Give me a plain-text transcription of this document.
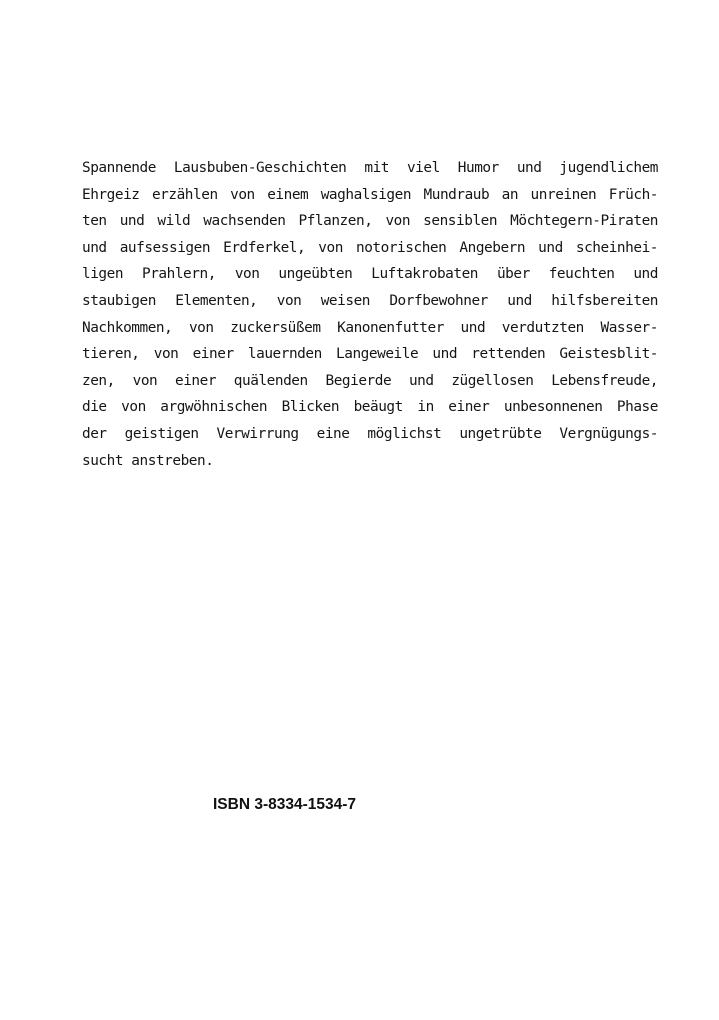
Spannende Lausbuben-Geschichten mit viel Humor und jugendlichem
Ehrgeiz erzählen von einem waghalsigen Mundraub an unreinen Früch-
ten und wild wachsenden Pflanzen, von sensiblen Möchtegern-Piraten
und aufsessigen Erdferkel, von notorischen Angebern und scheinhei-
ligen Prahlern, von ungeübten Luftakrobaten über feuchten und
staubigen Elementen, von weisen Dorfbewohner und hilfsbereiten
Nachkommen, von zuckersüßem Kanonenfutter und verdutzten Wasser-
tieren, von einer lauernden Langeweile und rettenden Geistesblit-
zen, von einer quälenden Begierde und zügellosen Lebensfreude,
die von argwöhnischen Blicken beäugt in einer unbesonnenen Phase
der geistigen Verwirrung eine möglichst ungetrübte Vergnügungs-
sucht anstreben.
ISBN 3-8334-1534-7
